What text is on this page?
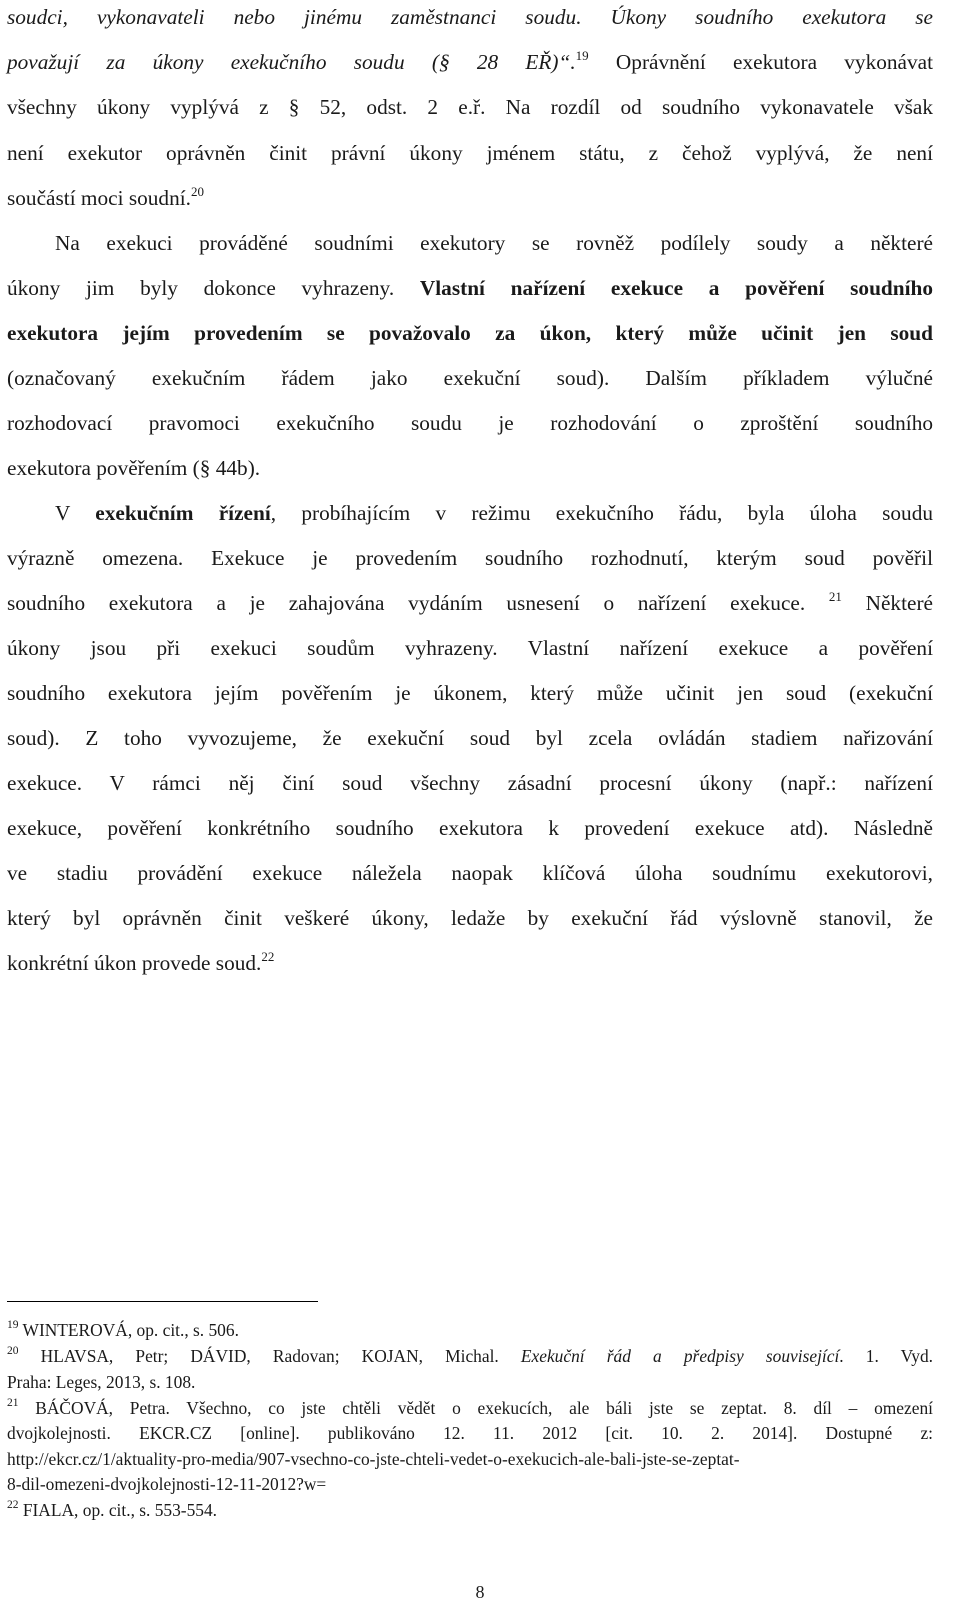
soudci, vykonavateli nebo jinému zaměstnanci soudu. Úkony soudního exekutora se
považují za úkony exekučního soudu (§ 28 EŘ)“.$^{19}$ Oprávnění exekutora vykonávat
všechny úkony vyplývá z § 52, odst. 2 e.ř. Na rozdíl od soudního vykonavatele však
není exekutor oprávněn činit právní úkony jménem státu, z čehož vyplývá, že není
součástí moci soudní.$^{20}$
Na exekuci prováděné soudními exekutory se rovněž podílely soudy a některé
úkony jim byly dokonce vyhrazeny. Vlastní nařízení exekuce a pověření soudního
exekutora jejím provedením se považovalo za úkon, který může učinit jen soud
(označovaný exekučním řádem jako exekuční soud). Dalším příkladem výlučné
rozhodovací pravomoci exekučního soudu je rozhodování o zproštění soudního
exekutora pověřením (§ 44b).
V exekučním řízení, probíhajícím v režimu exekučního řádu, byla úloha soudu
výrazně omezena. Exekuce je provedením soudního rozhodnutí, kterým soud pověřil
soudního exekutora a je zahajována vydáním usnesení o nařízení exekuce. $^{21}$ Některé
úkony jsou při exekuci soudům vyhrazeny. Vlastní nařízení exekuce a pověření
soudního exekutora jejím pověřením je úkonem, který může učinit jen soud (exekuční
soud). Z toho vyvozujeme, že exekuční soud byl zcela ovládán stadiem nařizování
exekuce. V rámci něj činí soud všechny zásadní procesní úkony (např.: nařízení
exekuce, pověření konkrétního soudního exekutora k provedení exekuce atd). Následně
ve stadiu provádění exekuce náležela naopak klíčová úloha soudnímu exekutorovi,
který byl oprávněn činit veškeré úkony, ledaže by exekuční řád výslovně stanovil, že
konkrétní úkon provede soud.$^{22}$
$^{19}$ WINTEROVÁ, op. cit., s. 506.
$^{20}$ HLAVSA, Petr; DÁVID, Radovan; KOJAN, Michal. Exekuční řád a předpisy související. 1. Vyd.
Praha: Leges, 2013, s. 108.
$^{21}$ BÁČOVÁ, Petra. Všechno, co jste chtěli vědět o exekucích, ale báli jste se zeptat. 8. díl – omezení
dvojkolejnosti. EKCR.CZ [online]. publikováno 12. 11. 2012 [cit. 10. 2. 2014]. Dostupné z:
http://ekcr.cz/1/aktuality-pro-media/907-vsechno-co-jste-chteli-vedet-o-exekucich-ale-bali-jste-se-zeptat-
8-dil-omezeni-dvojkolejnosti-12-11-2012?w=
$^{22}$ FIALA, op. cit., s. 553-554.
8
